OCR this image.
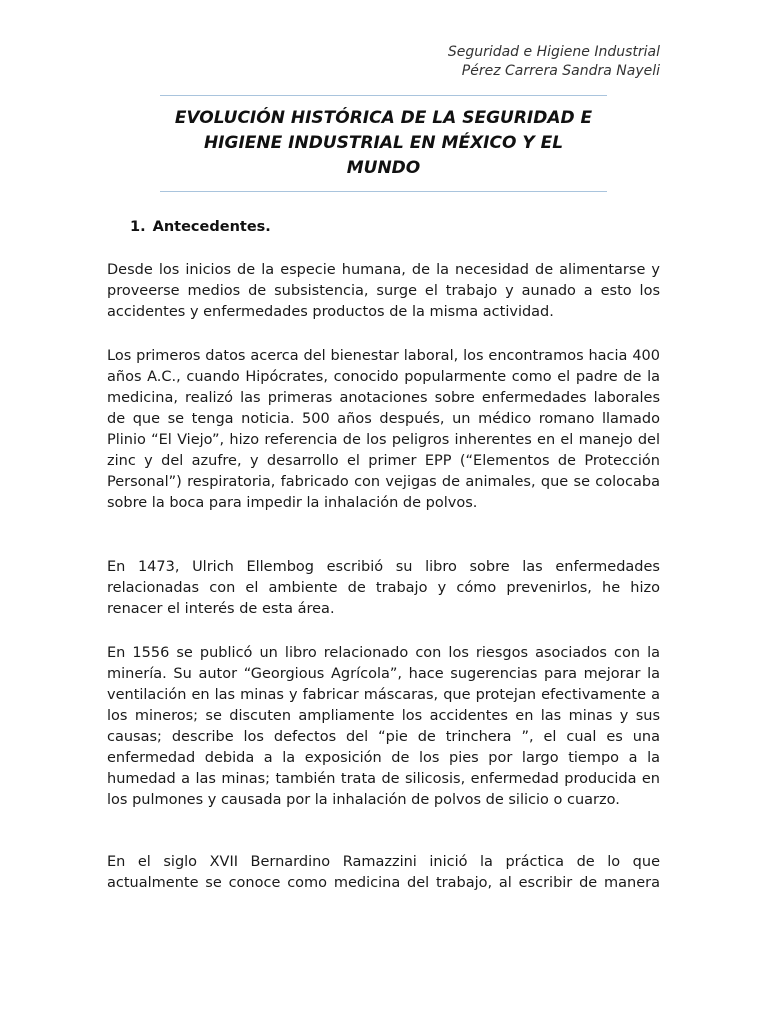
Seguridad e Higiene Industrial
Pérez Carrera Sandra Nayeli
EVOLUCIÓN HISTÓRICA DE LA SEGURIDAD E
HIGIENE INDUSTRIAL EN MÉXICO Y EL
MUNDO
1. Antecedentes.

Desde los inicios de la especie humana, de la necesidad de alimentarse y proveerse medios de subsistencia, surge el trabajo y aunado a esto los accidentes y enfermedades productos de la misma actividad.

Los primeros datos acerca del bienestar laboral, los encontramos hacia 400 años A.C., cuando Hipócrates, conocido popularmente como el padre de la medicina, realizó las primeras anotaciones sobre enfermedades laborales de que se tenga noticia. 500 años después, un médico romano llamado Plinio “El Viejo”, hizo referencia de los peligros inherentes en el manejo del zinc y del azufre, y desarrollo el primer EPP (“Elementos de Protección Personal”) respiratoria, fabricado con vejigas de animales, que se colocaba sobre la boca para impedir la inhalación de polvos.

En 1473, Ulrich Ellembog escribió su libro sobre las enfermedades relacionadas con el ambiente de trabajo y cómo prevenirlos, he hizo renacer el interés de esta área.

En 1556 se publicó un libro relacionado con los riesgos asociados con la minería. Su autor “Georgious Agrícola”, hace sugerencias para mejorar la ventilación en las minas y fabricar máscaras, que protejan efectivamente a los mineros; se discuten ampliamente los accidentes en las minas y sus causas; describe los defectos del “pie de trinchera ”, el cual es una enfermedad debida a la exposición de los pies por largo tiempo a la humedad a las minas; también trata de silicosis, enfermedad producida en los pulmones y causada por la inhalación de polvos de silicio o cuarzo.

En el siglo XVII Bernardino Ramazzini inició la práctica de lo que actualmente se conoce como medicina del trabajo, al escribir de manera
